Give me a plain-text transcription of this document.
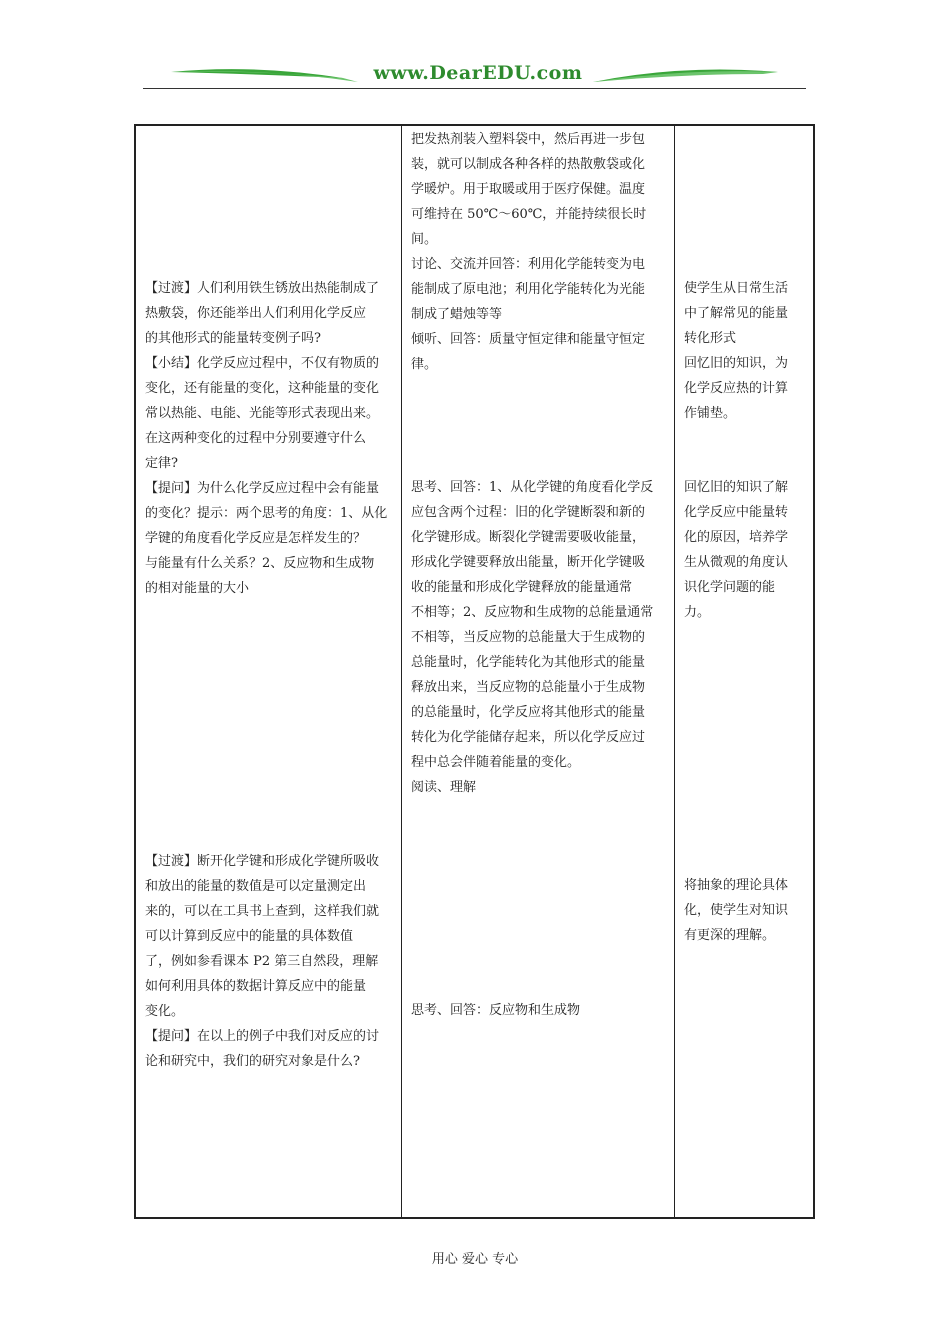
www.DearEDU.com
【过渡】人们利用铁生锈放出热能制成了
热敷袋，你还能举出人们利用化学反应
的其他形式的能量转变例子吗?
【小结】化学反应过程中，不仅有物质的
变化，还有能量的变化，这种能量的变化
常以热能、电能、光能等形式表现出来。
在这两种变化的过程中分别要遵守什么
定律?
【提问】为什么化学反应过程中会有能量
的变化？提示：两个思考的角度：1、从化
学键的角度看化学反应是怎样发生的？
与能量有什么关系？2、反应物和生成物
的相对能量的大小
【过渡】断开化学键和形成化学键所吸收
和放出的能量的数值是可以定量测定出
来的，可以在工具书上查到，这样我们就
可以计算到反应中的能量的具体数值
了，例如参看课本 P2 第三自然段，理解
如何利用具体的数据计算反应中的能量
变化。
【提问】在以上的例子中我们对反应的讨
论和研究中，我们的研究对象是什么?
把发热剂装入塑料袋中，然后再进一步包
装，就可以制成各种各样的热散敷袋或化
学暖炉。用于取暖或用于医疗保健。温度
可维持在 50℃～60℃，并能持续很长时
间。
讨论、交流并回答：利用化学能转变为电
能制成了原电池；利用化学能转化为光能
制成了蜡烛等等
倾听、回答：质量守恒定律和能量守恒定
律。
思考、回答：1、从化学键的角度看化学反
应包含两个过程：旧的化学键断裂和新的
化学键形成。断裂化学键需要吸收能量，
形成化学键要释放出能量，断开化学键吸
收的能量和形成化学键释放的能量通常
不相等；2、反应物和生成物的总能量通常
不相等，当反应物的总能量大于生成物的
总能量时，化学能转化为其他形式的能量
释放出来，当反应物的总能量小于生成物
的总能量时，化学反应将其他形式的能量
转化为化学能储存起来，所以化学反应过
程中总会伴随着能量的变化。
阅读、理解
思考、回答：反应物和生成物
使学生从日常生活
中了解常见的能量
转化形式
回忆旧的知识，为
化学反应热的计算
作铺垫。
回忆旧的知识了解
化学反应中能量转
化的原因，培养学
生从微观的角度认
识化学问题的能
力。
将抽象的理论具体
化，使学生对知识
有更深的理解。
用心 爱心 专心
